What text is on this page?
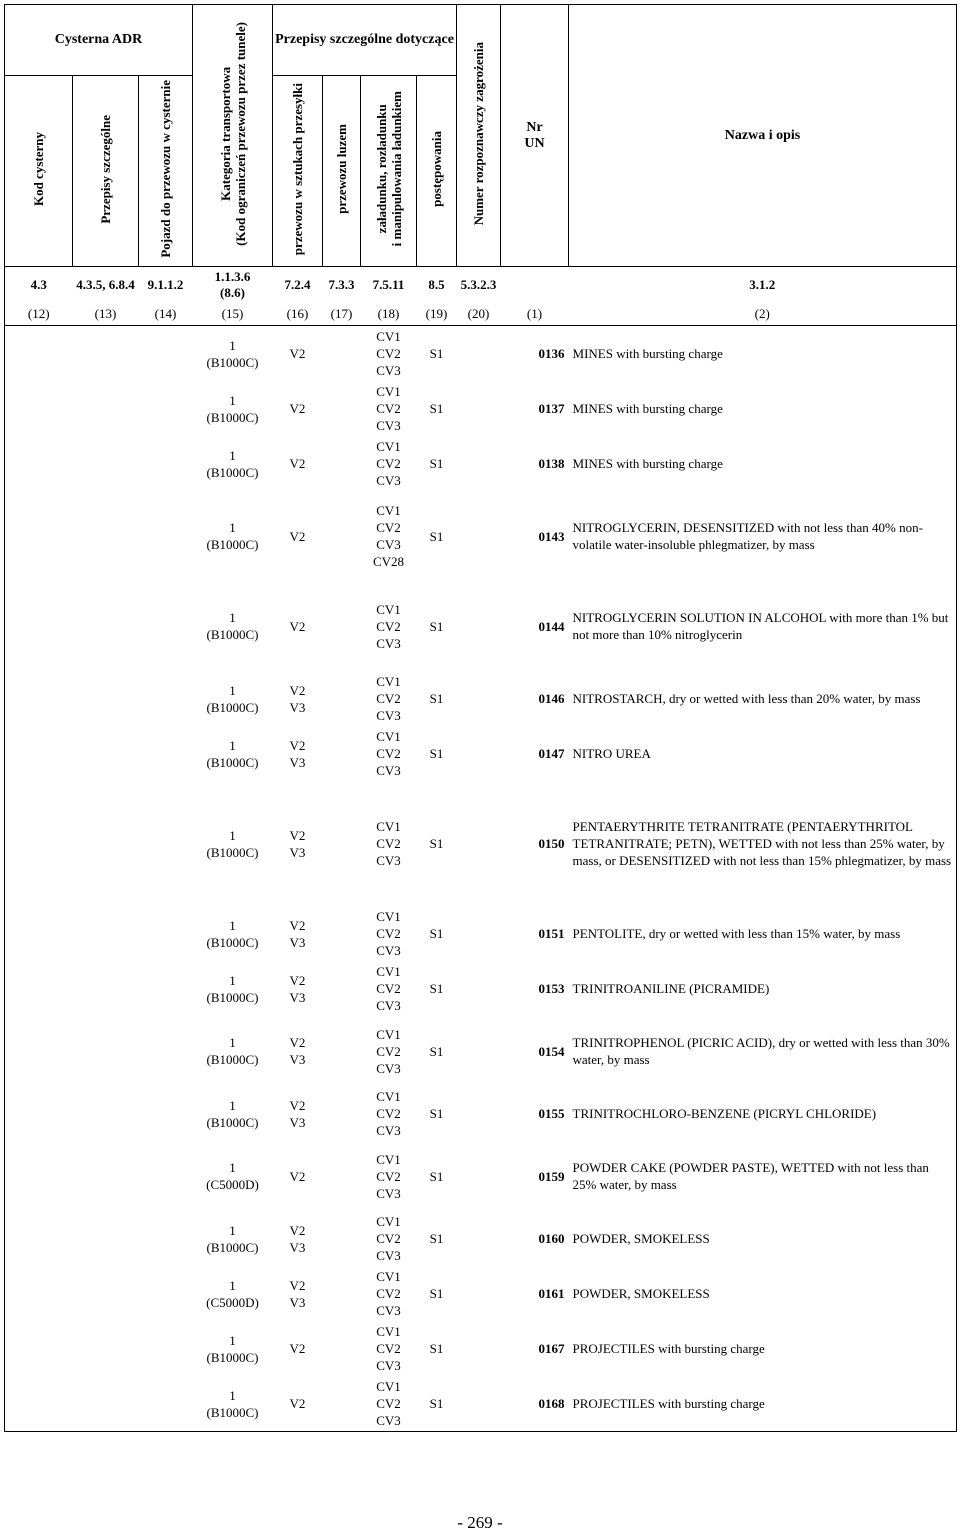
Cysterna ADR			Kategoria transportowa
(Kod ograniczeń przewozu przez tunele)	Przepisy szczególne dotyczące				Numer rozpoznawczy zagrożenia	Nr
UN	Nazwa i opis
Kod cysterny	Przepisy szczególne	Pojazd do przewozu w cysternie		przewozu w sztukach przesyłki	przewozu luzem	załadunku, rozładunku
i manipulowania ładunkiem	postępowania			
4.3	4.3.5, 6.8.4	9.1.1.2	1.1.3.6
(8.6)	7.2.4	7.3.3	7.5.11	8.5	5.3.2.3		3.1.2
(12)	(13)	(14)	(15)	(16)	(17)	(18)	(19)	(20)	(1)	(2)

			1
(B1000C)	V2		CV1
CV2
CV3	S1		0136	MINES with bursting charge

			1
(B1000C)	V2		CV1
CV2
CV3	S1		0137	MINES with bursting charge

			1
(B1000C)	V2		CV1
CV2
CV3	S1		0138	MINES with bursting charge

			1
(B1000C)	V2		CV1
CV2
CV3
CV28	S1		0143	NITROGLYCERIN, DESENSITIZED with not less than 40% non-volatile water-insoluble phlegmatizer, by mass

			1
(B1000C)	V2		CV1
CV2
CV3	S1		0144	NITROGLYCERIN SOLUTION IN ALCOHOL with more than 1% but not more than 10% nitroglycerin

			1
(B1000C)	V2
V3		CV1
CV2
CV3	S1		0146	NITROSTARCH, dry or wetted with less than 20% water, by mass

			1
(B1000C)	V2
V3		CV1
CV2
CV3	S1		0147	NITRO UREA

			1
(B1000C)	V2
V3		CV1
CV2
CV3	S1		0150	PENTAERYTHRITE TETRANITRATE (PENTAERYTHRITOL TETRANITRATE; PETN), WETTED with not less than 25% water, by mass, or DESENSITIZED with not less than 15% phlegmatizer, by mass

			1
(B1000C)	V2
V3		CV1
CV2
CV3	S1		0151	PENTOLITE, dry or wetted with less than 15% water, by mass

			1
(B1000C)	V2
V3		CV1
CV2
CV3	S1		0153	TRINITROANILINE (PICRAMIDE)

			1
(B1000C)	V2
V3		CV1
CV2
CV3	S1		0154	TRINITROPHENOL (PICRIC ACID), dry or wetted with less than 30% water, by mass

			1
(B1000C)	V2
V3		CV1
CV2
CV3	S1		0155	TRINITROCHLORO-BENZENE (PICRYL CHLORIDE)

			1
(C5000D)	V2		CV1
CV2
CV3	S1		0159	POWDER CAKE (POWDER PASTE), WETTED with not less than 25% water, by mass

			1
(B1000C)	V2
V3		CV1
CV2
CV3	S1		0160	POWDER, SMOKELESS

			1
(C5000D)	V2
V3		CV1
CV2
CV3	S1		0161	POWDER, SMOKELESS

			1
(B1000C)	V2		CV1
CV2
CV3	S1		0167	PROJECTILES with bursting charge

			1
(B1000C)	V2		CV1
CV2
CV3	S1		0168	PROJECTILES with bursting charge
- 269 -
